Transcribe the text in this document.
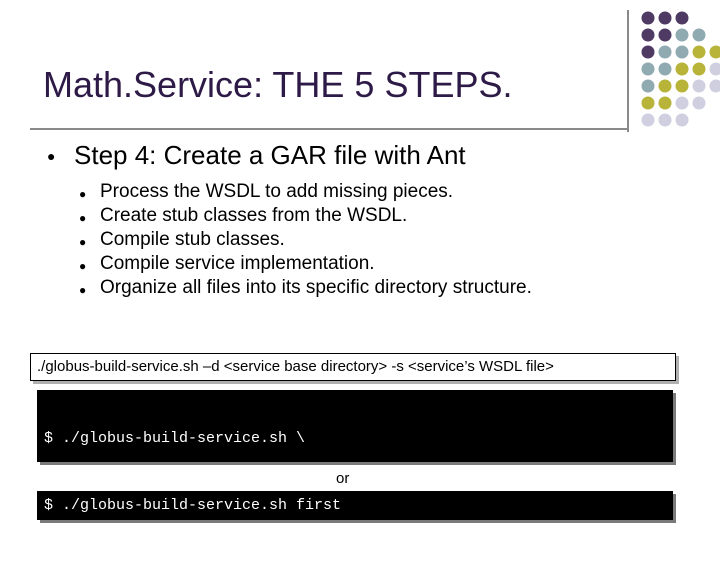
Math.Service: THE 5 STEPS.
● Step 4: Create a GAR file with Ant
● Process the WSDL to add missing pieces.
● Create stub classes from the WSDL.
● Compile stub classes.
● Compile service implementation.
● Organize all files into its specific directory structure.
./globus-build-service.sh –d <service base directory> -s <service’s WSDL file>

$ ./globus-build-service.sh \

-s schema/examples/MathService_instance/Math.wsdl

or
$ ./globus-build-service.sh first
